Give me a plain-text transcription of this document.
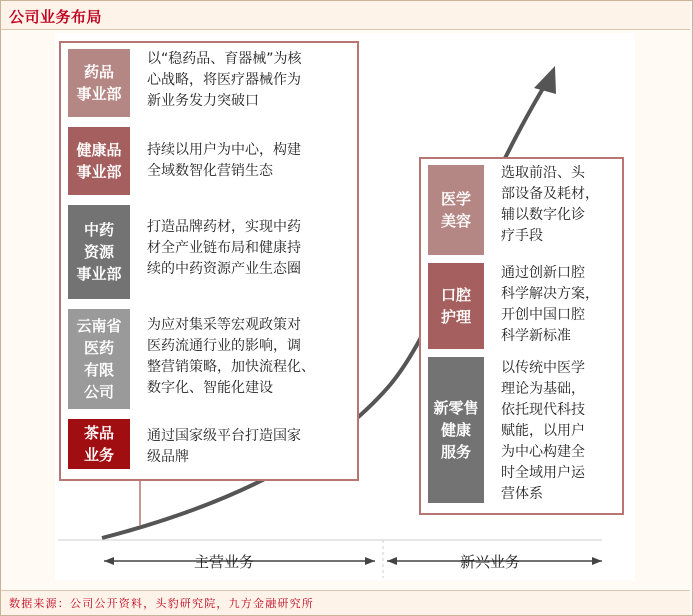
公司业务布局
药品
事业部
以“稳药品、育器械”为核
心战略，将医疗器械作为
新业务发力突破口
健康品
事业部
持续以用户为中心，构建
全域数智化营销生态
中药
资源
事业部
打造品牌药材，实现中药
材全产业链布局和健康持
续的中药资源产业生态圈
云南省
医药
有限
公司
为应对集采等宏观政策对
医药流通行业的影响，调
整营销策略，加快流程化、
数字化、智能化建设
茶品
业务
通过国家级平台打造国家
级品牌
医学
美容
选取前沿、头
部设备及耗材，
辅以数字化诊
疗手段
口腔
护理
通过创新口腔
科学解决方案，
开创中国口腔
科学新标准
新零售
健康
服务
以传统中医学
理论为基础，
依托现代科技
赋能，以用户
为中心构建全
时全域用户运
营体系
主营业务	新兴业务
数据来源：公司公开资料，头豹研究院，九方金融研究所
